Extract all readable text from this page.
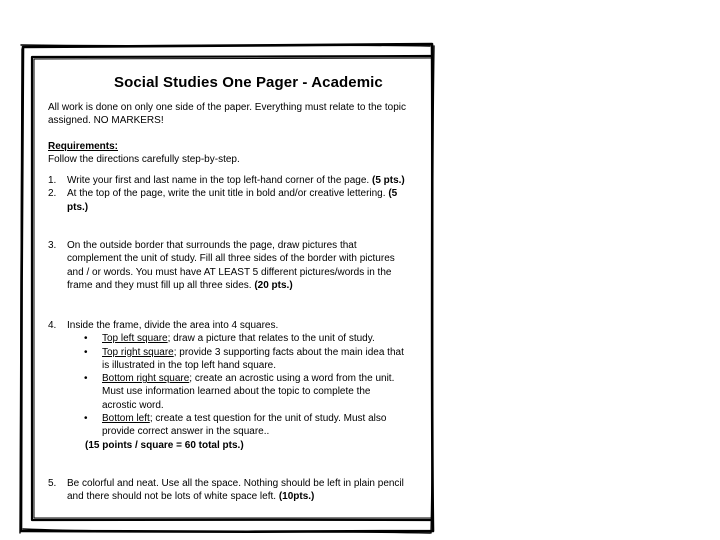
Social Studies One Pager - Academic
All work is done on only one side of the paper. Everything must relate to the topic assigned. NO MARKERS!
Requirements:
Follow the directions carefully step-by-step.
1. Write your first and last name in the top left-hand corner of the page. (5 pts.)
2. At the top of the page, write the unit title in bold and/or creative lettering. (5 pts.)
3. On the outside border that surrounds the page, draw pictures that complement the unit of study. Fill all three sides of the border with pictures and / or words. You must have AT LEAST 5 different pictures/words in the frame and they must fill up all three sides. (20 pts.)
4. Inside the frame, divide the area into 4 squares.
• Top left square; draw a picture that relates to the unit of study.
• Top right square; provide 3 supporting facts about the main idea that is illustrated in the top left hand square.
• Bottom right square; create an acrostic using a word from the unit. Must use information learned about the topic to complete the acrostic word.
• Bottom left; create a test question for the unit of study. Must also provide correct answer in the square..
(15 points / square = 60 total pts.)
5. Be colorful and neat. Use all the space. Nothing should be left in plain pencil and there should not be lots of white space left. (10pts.)
